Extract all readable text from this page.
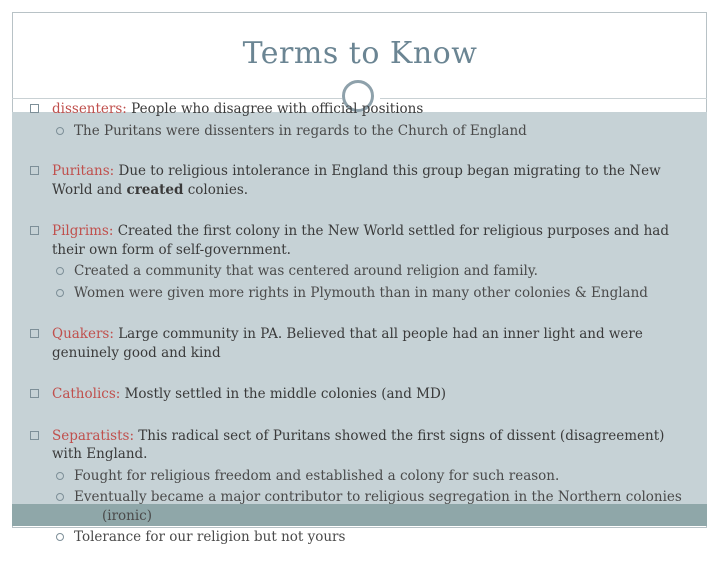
Terms to Know
dissenters: People who disagree with official positions
The Puritans were dissenters in regards to the Church of England
Puritans: Due to religious intolerance in England this group began migrating to the New World and created colonies.
Pilgrims: Created the first colony in the New World settled for religious purposes and had their own form of self-government.
Created a community that was centered around religion and family.
Women were given more rights in Plymouth than in many other colonies & England
Quakers: Large community in PA. Believed that all people had an inner light and were genuinely good and kind
Catholics: Mostly settled in the middle colonies (and MD)
Separatists: This radical sect of Puritans showed the first signs of dissent (disagreement) with England.
Fought for religious freedom and established a colony for such reason.
Eventually became a major contributor to religious segregation in the Northern colonies
(ironic)
Tolerance for our religion but not yours
